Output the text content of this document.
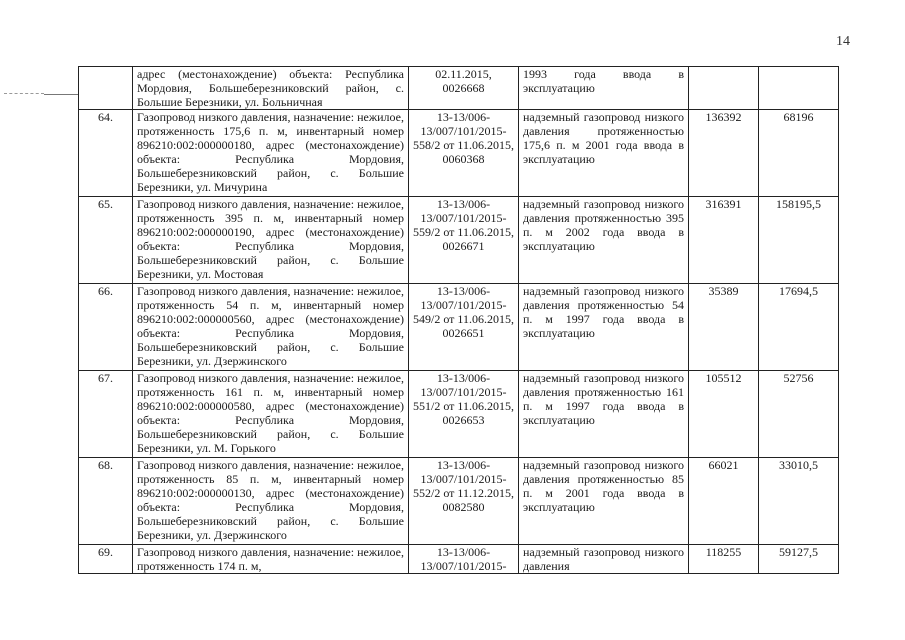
14
	адрес (местонахождение) объекта: Республика Мордовия, Большеберезниковский район, с. Большие Березники, ул. Больничная	02.11.2015, 0026668	1993 года ввода в эксплуатацию		
64.	Газопровод низкого давления, назначение: нежилое, протяженность 175,6 п. м, инвентарный номер 896210:002:000000180, адрес (местонахождение) объекта: Республика Мордовия, Большеберезниковский район, с. Большие Березники, ул. Мичурина	13-13/006-13/007/101/2015-558/2 от 11.06.2015, 0060368	надземный газопровод низкого давления протяженностью 175,6 п. м 2001 года ввода в эксплуатацию	136392	68196
65.	Газопровод низкого давления, назначение: нежилое, протяженность 395 п. м, инвентарный номер 896210:002:000000190, адрес (местонахождение) объекта: Республика Мордовия, Большеберезниковский район, с. Большие Березники, ул. Мостовая	13-13/006-13/007/101/2015-559/2 от 11.06.2015, 0026671	надземный газопровод низкого давления протяженностью 395 п. м 2002 года ввода в эксплуатацию	316391	158195,5
66.	Газопровод низкого давления, назначение: нежилое, протяженность 54 п. м, инвентарный номер 896210:002:000000560, адрес (местонахождение) объекта: Республика Мордовия, Большеберезниковский район, с. Большие Березники, ул. Дзержинского	13-13/006-13/007/101/2015-549/2 от 11.06.2015, 0026651	надземный газопровод низкого давления протяженностью 54 п. м 1997 года ввода в эксплуатацию	35389	17694,5
67.	Газопровод низкого давления, назначение: нежилое, протяженность 161 п. м, инвентарный номер 896210:002:000000580, адрес (местонахождение) объекта: Республика Мордовия, Большеберезниковский район, с. Большие Березники, ул. М. Горького	13-13/006-13/007/101/2015-551/2 от 11.06.2015, 0026653	надземный газопровод низкого давления протяженностью 161 п. м 1997 года ввода в эксплуатацию	105512	52756
68.	Газопровод низкого давления, назначение: нежилое, протяженность 85 п. м, инвентарный номер 896210:002:000000130, адрес (местонахождение) объекта: Республика Мордовия, Большеберезниковский район, с. Большие Березники, ул. Дзержинского	13-13/006-13/007/101/2015-552/2 от 11.12.2015, 0082580	надземный газопровод низкого давления протяженностью 85 п. м 2001 года ввода в эксплуатацию	66021	33010,5
69.	Газопровод низкого давления, назначение: нежилое, протяженность 174 п. м,	13-13/006-13/007/101/2015-	надземный газопровод низкого давления	118255	59127,5
